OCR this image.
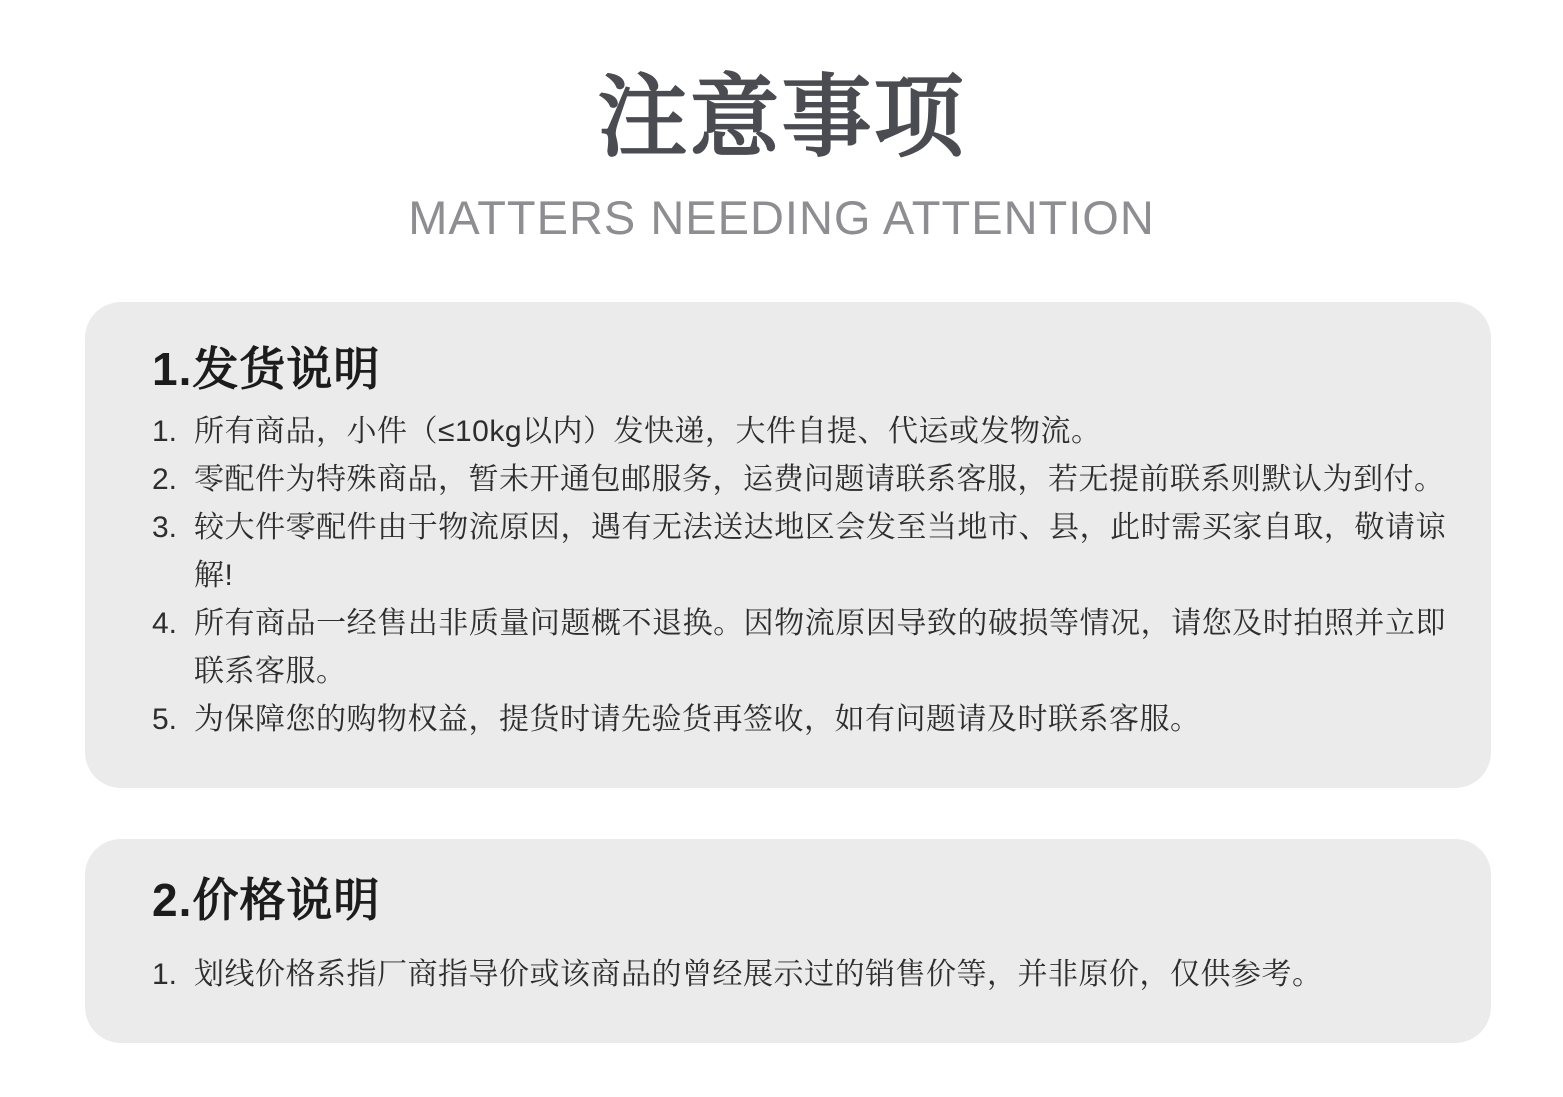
注意事项
MATTERS NEEDING ATTENTION
1.发货说明
1. 所有商品，小件（≤10kg以内）发快递，大件自提、代运或发物流。
2. 零配件为特殊商品，暂未开通包邮服务，运费问题请联系客服，若无提前联系则默认为到付。
3. 较大件零配件由于物流原因，遇有无法送达地区会发至当地市、县，此时需买家自取，敬请谅解!
4. 所有商品一经售出非质量问题概不退换。因物流原因导致的破损等情况，请您及时拍照并立即联系客服。
5. 为保障您的购物权益，提货时请先验货再签收，如有问题请及时联系客服。
2.价格说明
1. 划线价格系指厂商指导价或该商品的曾经展示过的销售价等，并非原价，仅供参考。
